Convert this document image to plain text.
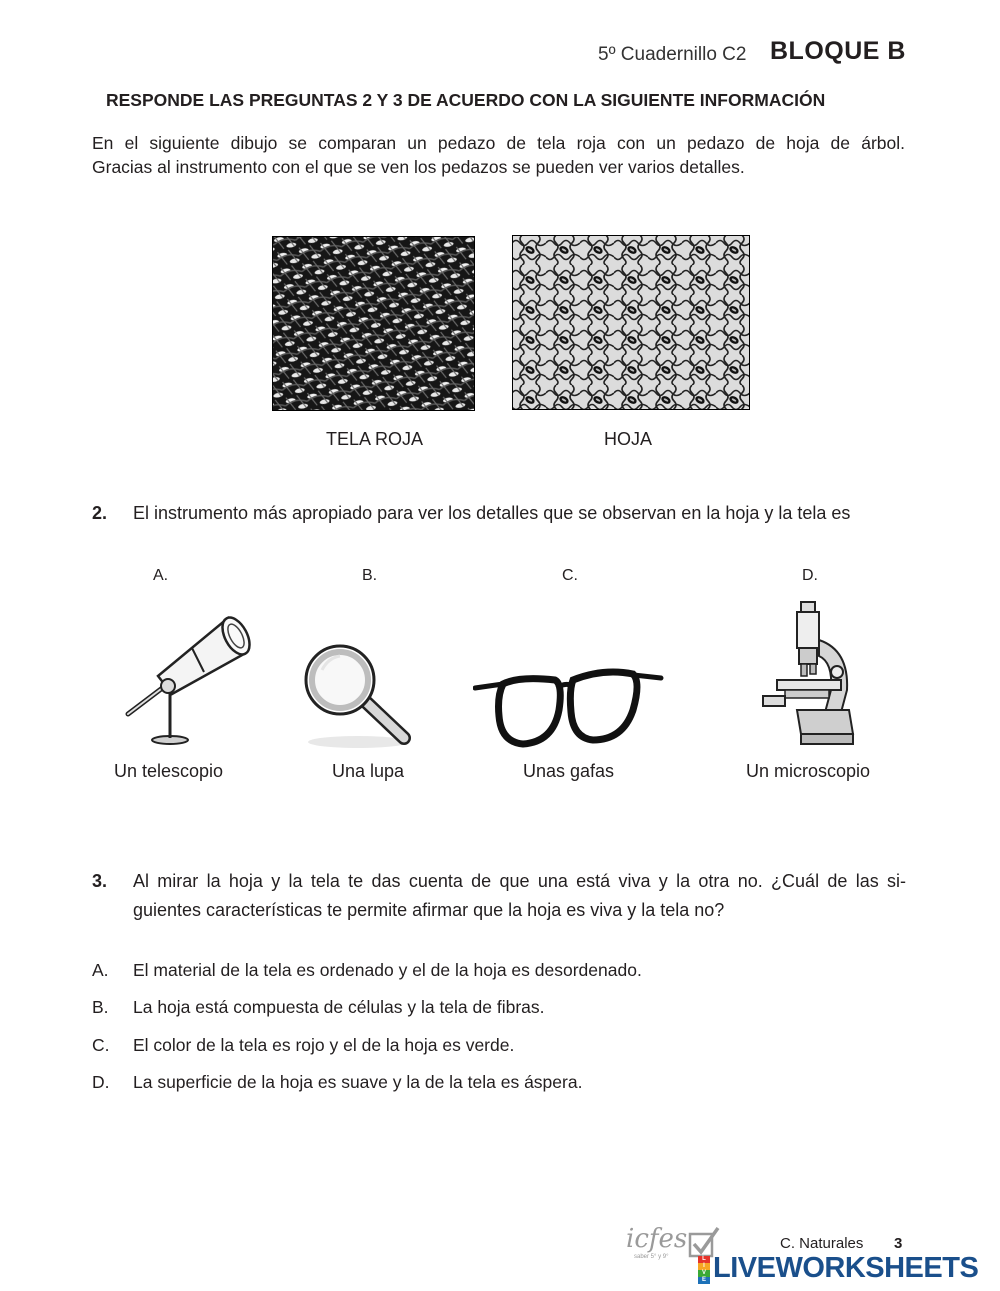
5º Cuadernillo C2 BLOQUE B
RESPONDE LAS PREGUNTAS 2 Y 3 DE ACUERDO CON LA SIGUIENTE INFORMACIÓN
En el siguiente dibujo se comparan un pedazo de tela roja con un pedazo de hoja de árbol.
Gracias al instrumento con el que se ven los pedazos se pueden ver varios detalles.
TELA ROJA	HOJA
2. El instrumento más apropiado para ver los detalles que se observan en la hoja y la tela es
A.	B.	C.	D.
Un telescopio	Una lupa	Unas gafas	Un microscopio
3. Al mirar la hoja y la tela te das cuenta de que una está viva y la otra no. ¿Cuál de las si-
guientes características te permite afirmar que la hoja es viva y la tela no?
A. El material de la tela es ordenado y el de la hoja es desordenado.
B. La hoja está compuesta de células y la tela de fibras.
C. El color de la tela es rojo y el de la hoja es verde.
D. La superficie de la hoja es suave y la de la tela es áspera.
icfes
saber 5° y 9°
C. Naturales 3
L
I
V
E LIVEWORKSHEETS
